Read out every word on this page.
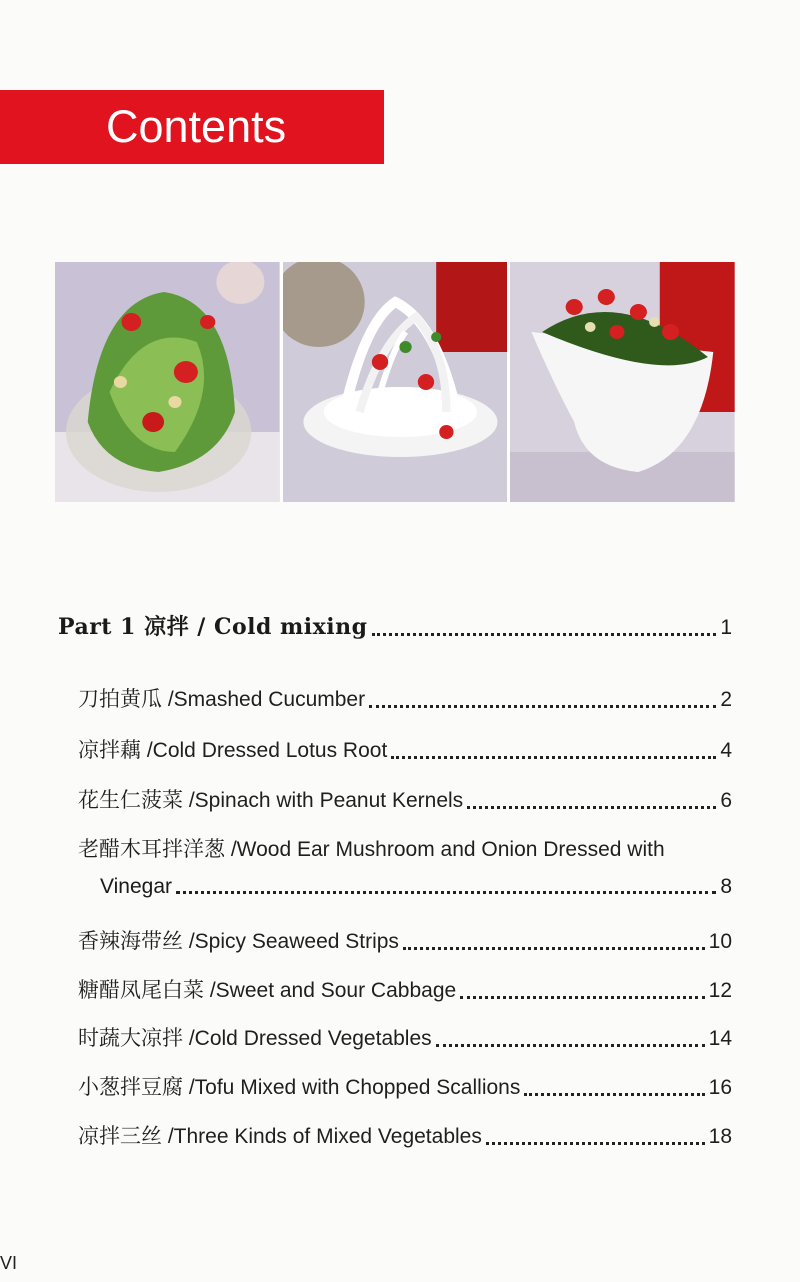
Contents
Part 1 凉拌 / Cold mixing	1
刀拍黄瓜 /Smashed Cucumber	2
凉拌藕 /Cold Dressed Lotus Root	4
花生仁菠菜 /Spinach with Peanut Kernels	6
老醋木耳拌洋葱 /Wood Ear Mushroom and Onion Dressed with
Vinegar	8
香辣海带丝 /Spicy Seaweed Strips	10
糖醋凤尾白菜 /Sweet and Sour Cabbage	12
时蔬大凉拌 /Cold Dressed Vegetables	14
小葱拌豆腐 /Tofu Mixed with Chopped Scallions	16
凉拌三丝 /Three Kinds of Mixed Vegetables	18
VI
